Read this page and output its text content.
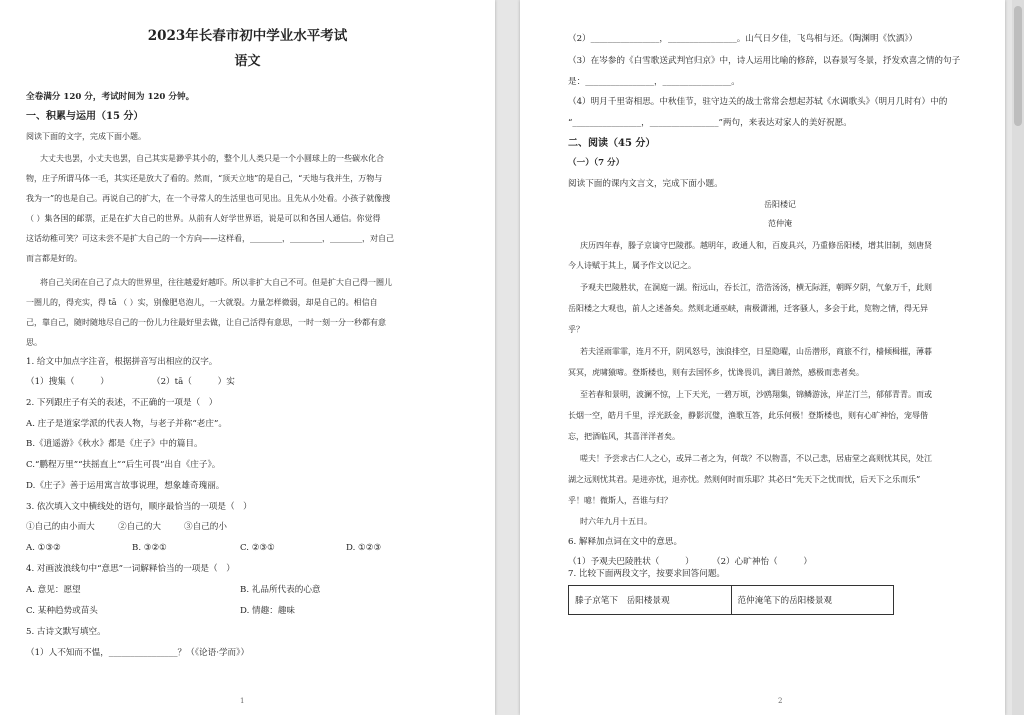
2023年长春市初中学业水平考试
语文
全卷满分 120 分，考试时间为 120 分钟。
一、积累与运用（15 分）
阅读下面的文字，完成下面小题。
大丈夫也罢，小丈夫也罢，自己其实是渺乎其小的，整个儿人类只是一个小圆球上的一些碳水化合
物，庄子所谓马体一毛，其实还是放大了看的。然而，“顶天立地”的是自己，“天地与我并生，万物与
我为一”的也是自己。再说自己的扩大，在一个寻常人的生活里也可见出。且先从小处看。小孩子就像搜
（ ）集各国的邮票，正是在扩大自己的世界。从前有人好学世界语，说是可以和各国人通信。你觉得
这话幼稚可笑？可这未尝不是扩大自己的一个方向——这样看，________，________，________，对自己
而言都是好的。
将自己关闭在自己了点大的世界里，往往越爱好越吓。所以非扩大自己不可。但是扩大自己得一圈儿
一圈儿的，得充实，得 tā （ ）实，别像肥皂泡儿，一大就裂。力量怎样微弱，却是自己的。相信自
己，靠自己，随时随地尽自己的一份儿力往最好里去做，让自己活得有意思，一时一刻一分一秒都有意
思。
1. 给文中加点字注音，根据拼音写出相应的汉字。
（1）搜集（　　　）	（2）tā（　　　）实
2. 下列跟庄子有关的表述，不正确的一项是（　）
A. 庄子是道家学派的代表人物，与老子并称“老庄”。
B.《逍遥游》《秋水》都是《庄子》中的篇目。
C.“鹏程万里”“扶摇直上”“后生可畏”出自《庄子》。
D.《庄子》善于运用寓言故事说理，想象雄奇瑰丽。
3. 依次填入文中横线处的语句，顺序最恰当的一项是（　）
①自己的由小而大	②自己的大	③自己的小
A. ①③②	B. ③②①	C. ②③①	D. ①②③
4. 对画波浪线句中“意思”一词解释恰当的一项是（　）
A. 意见：愿望	B. 礼品所代表的心意
C. 某种趋势或苗头	D. 情趣：趣味
5. 古诗文默写填空。
（1）人不知而不愠，________________？（《论语·学而》）
1
（2）________________，________________。山气日夕佳，飞鸟相与还。（陶渊明《饮酒》）
（3）在岑参的《白雪歌送武判官归京》中，诗人运用比喻的修辞，以春景写冬景，抒发欢喜之情的句子
是：________________，________________。
（4）明月千里寄相思。中秋佳节，驻守边关的战士常常会想起苏轼《水调歌头》（明月几时有）中的
“________________，________________”两句，来表达对家人的美好祝愿。
二、阅读（45 分）
（一）（7 分）
阅读下面的课内文言文，完成下面小题。
岳阳楼记
范仲淹
庆历四年春，滕子京谪守巴陵郡。越明年，政通人和，百废具兴，乃重修岳阳楼，增其旧制，刻唐贤
今人诗赋于其上，属予作文以记之。
予观夫巴陵胜状，在洞庭一湖。衔远山，吞长江，浩浩汤汤，横无际涯，朝晖夕阴，气象万千，此则
岳阳楼之大观也，前人之述备矣。然则北通巫峡，南极潇湘，迁客骚人，多会于此，览物之情，得无异
乎？
若夫淫雨霏霏，连月不开，阴风怒号，浊浪排空，日星隐曜，山岳潜形，商旅不行，樯倾楫摧，薄暮
冥冥，虎啸猿啼。登斯楼也，则有去国怀乡，忧谗畏讥，满目萧然，感极而悲者矣。
至若春和景明，波澜不惊，上下天光，一碧万顷，沙鸥翔集，锦鳞游泳，岸芷汀兰，郁郁青青。而或
长烟一空，皓月千里，浮光跃金，静影沉璧，渔歌互答，此乐何极！登斯楼也，则有心旷神怡，宠辱偕
忘，把酒临风，其喜洋洋者矣。
嗟夫！予尝求古仁人之心，或异二者之为，何哉？不以物喜，不以己悲，居庙堂之高则忧其民，处江
湖之远则忧其君。是进亦忧，退亦忧。然则何时而乐耶？其必曰“先天下之忧而忧，后天下之乐而乐”
乎！噫！微斯人，吾谁与归？
时六年九月十五日。
6. 解释加点词在文中的意思。
（1）予观夫巴陵胜状（　　　） （2）心旷神怡（　　　）
7. 比较下面两段文字，按要求回答问题。
滕子京笔下　岳阳楼景观	范仲淹笔下的岳阳楼景观
2
